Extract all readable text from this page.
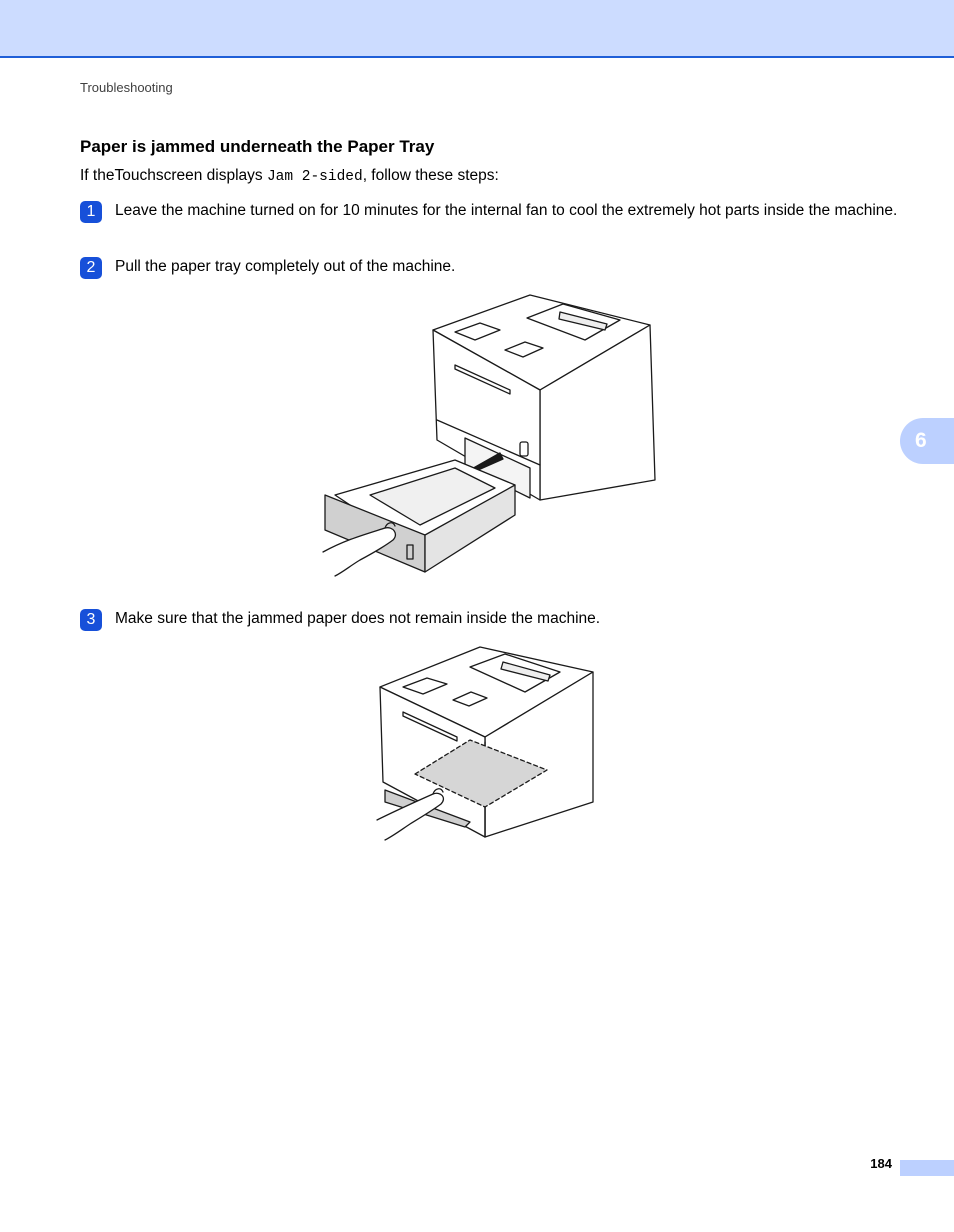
Troubleshooting
Paper is jammed underneath the Paper Tray
If theTouchscreen displays Jam 2-sided, follow these steps:
1	Leave the machine turned on for 10 minutes for the internal fan to cool the extremely hot parts inside the machine.
2	Pull the paper tray completely out of the machine.
3	Make sure that the jammed paper does not remain inside the machine.
6
184
